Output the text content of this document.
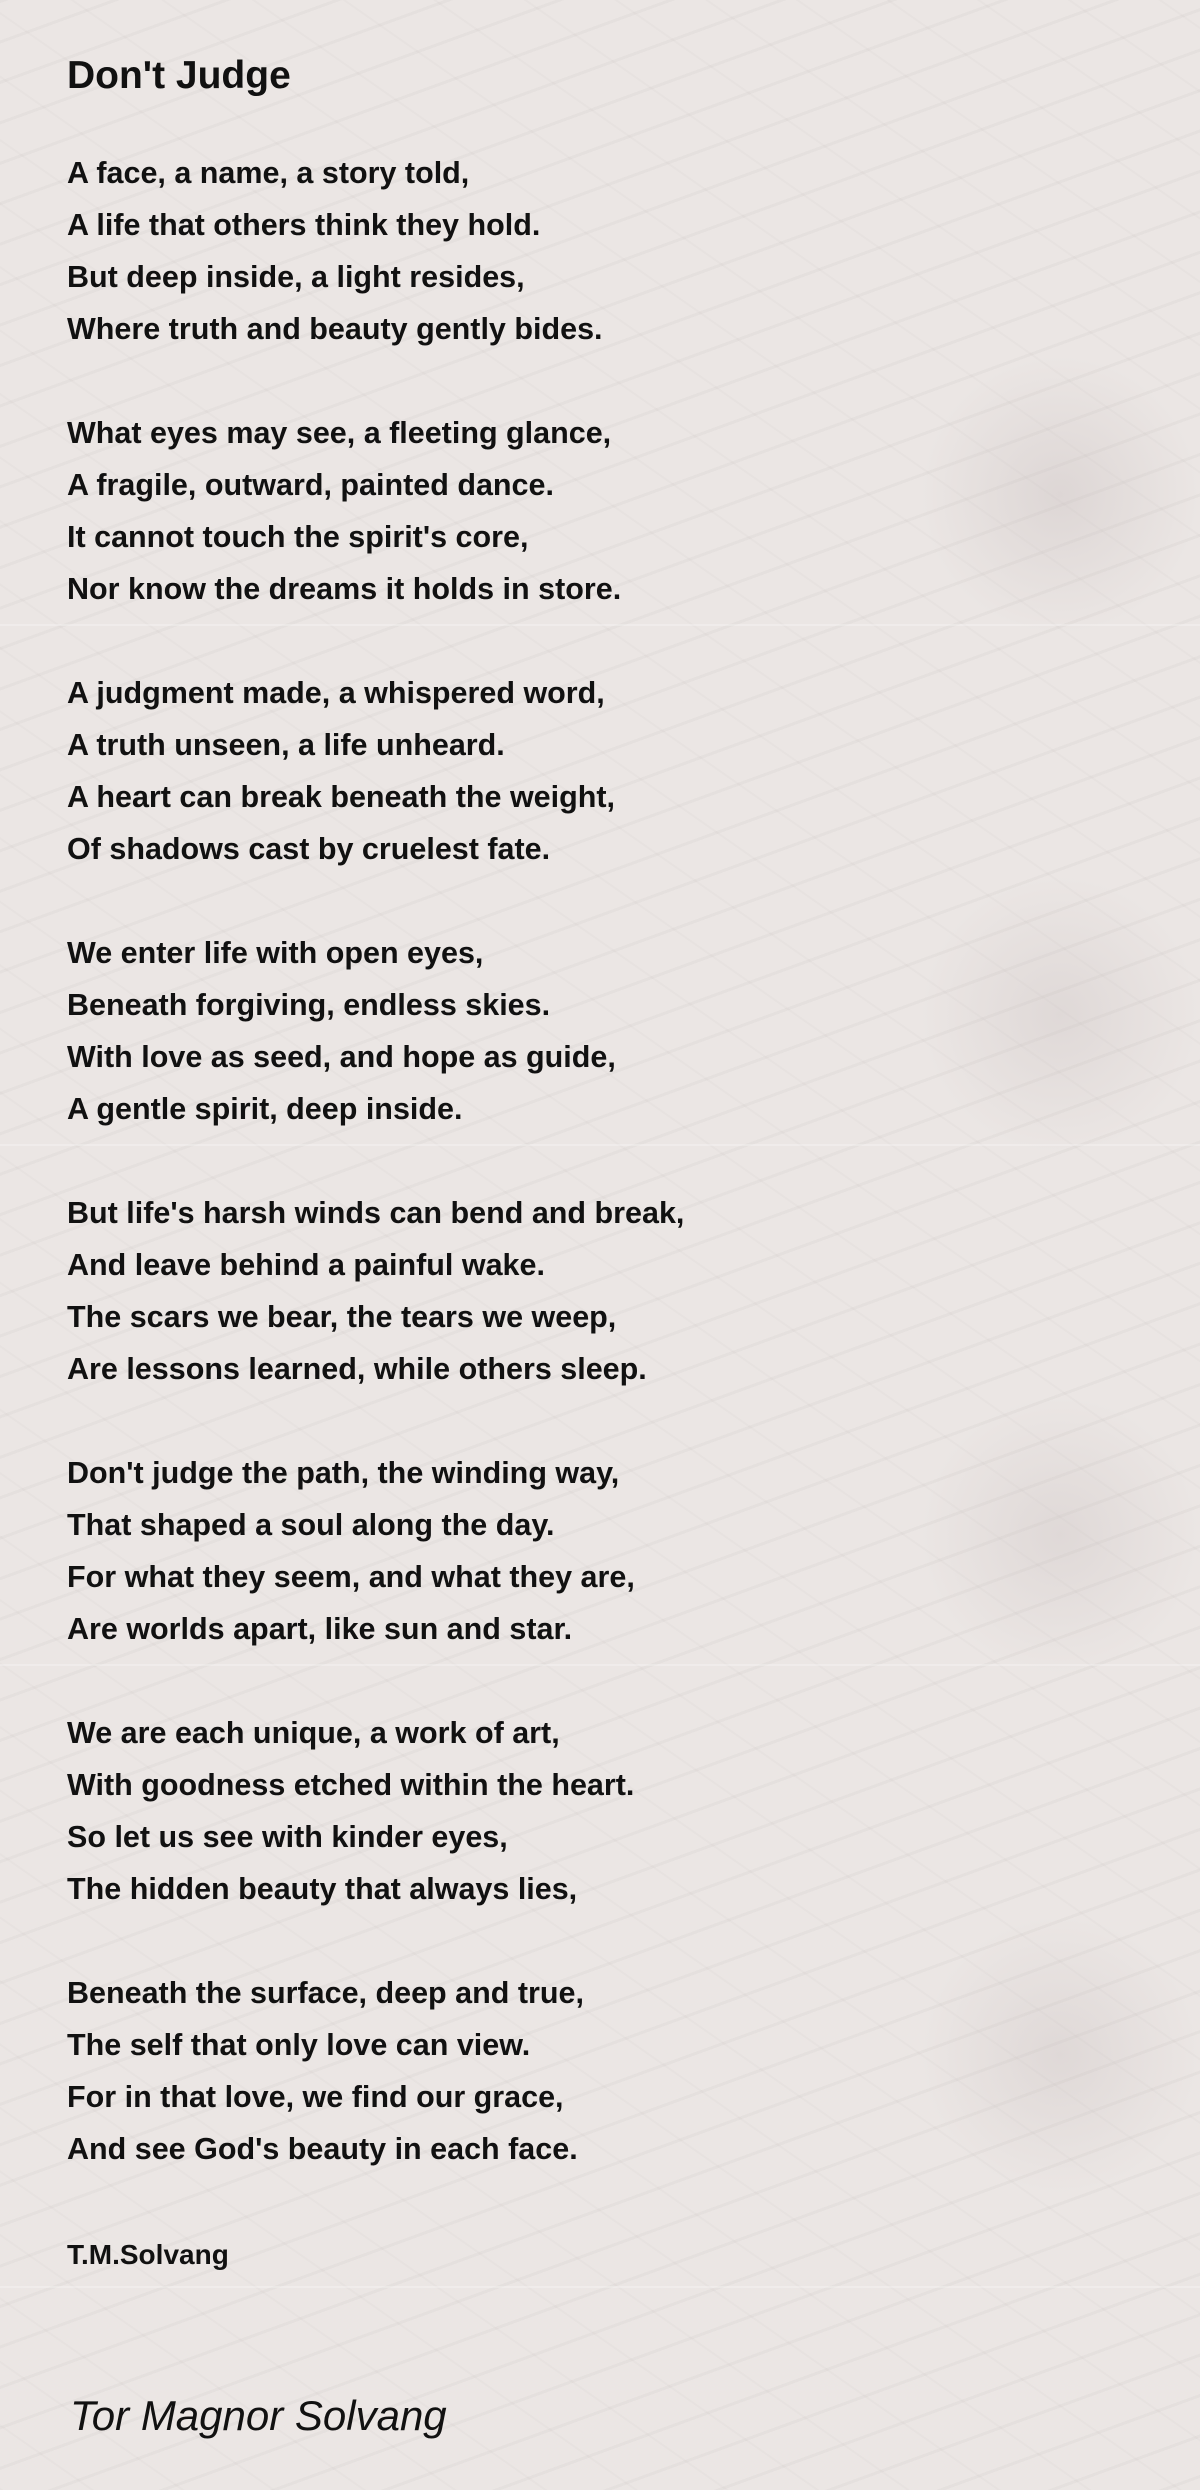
Don't Judge
A face, a name, a story told,
A life that others think they hold.
But deep inside, a light resides,
Where truth and beauty gently bides.
What eyes may see, a fleeting glance,
A fragile, outward, painted dance.
It cannot touch the spirit's core,
Nor know the dreams it holds in store.
A judgment made, a whispered word,
A truth unseen, a life unheard.
A heart can break beneath the weight,
Of shadows cast by cruelest fate.
We enter life with open eyes,
Beneath forgiving, endless skies.
With love as seed, and hope as guide,
A gentle spirit, deep inside.
But life's harsh winds can bend and break,
And leave behind a painful wake.
The scars we bear, the tears we weep,
Are lessons learned, while others sleep.
Don't judge the path, the winding way,
That shaped a soul along the day.
For what they seem, and what they are,
Are worlds apart, like sun and star.
We are each unique, a work of art,
With goodness etched within the heart.
So let us see with kinder eyes,
The hidden beauty that always lies,
Beneath the surface, deep and true,
The self that only love can view.
For in that love, we find our grace,
And see God's beauty in each face.
T.M.Solvang
Tor Magnor Solvang
